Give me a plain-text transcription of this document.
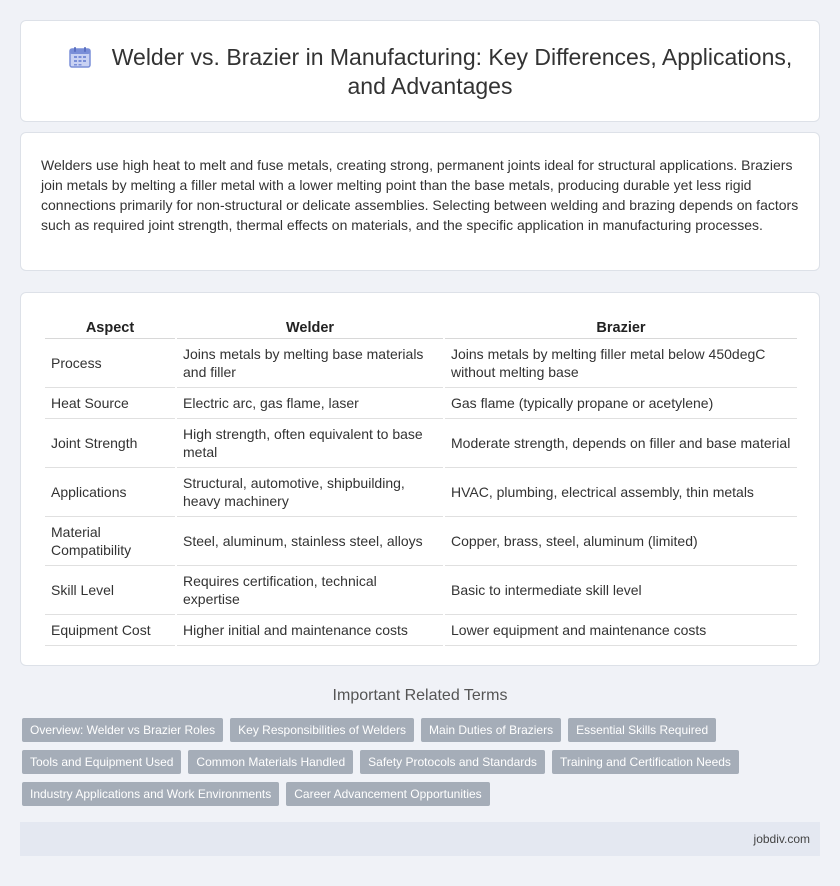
Welder vs. Brazier in Manufacturing: Key Differences, Applications, and Advantages

Welders use high heat to melt and fuse metals, creating strong, permanent joints ideal for structural applications. Braziers join metals by melting a filler metal with a lower melting point than the base metals, producing durable yet less rigid connections primarily for non-structural or delicate assemblies. Selecting between welding and brazing depends on factors such as required joint strength, thermal effects on materials, and the specific application in manufacturing processes.

Aspect	Welder	Brazier
Process	Joins metals by melting base materials and filler	Joins metals by melting filler metal below 450degC without melting base
Heat Source	Electric arc, gas flame, laser	Gas flame (typically propane or acetylene)
Joint Strength	High strength, often equivalent to base metal	Moderate strength, depends on filler and base material
Applications	Structural, automotive, shipbuilding, heavy machinery	HVAC, plumbing, electrical assembly, thin metals
Material Compatibility	Steel, aluminum, stainless steel, alloys	Copper, brass, steel, aluminum (limited)
Skill Level	Requires certification, technical expertise	Basic to intermediate skill level
Equipment Cost	Higher initial and maintenance costs	Lower equipment and maintenance costs
Important Related Terms
Overview: Welder vs Brazier Roles	Key Responsibilities of Welders	Main Duties of Braziers	Essential Skills Required
Tools and Equipment Used	Common Materials Handled	Safety Protocols and Standards	Training and Certification Needs
Industry Applications and Work Environments	Career Advancement Opportunities
jobdiv.com
